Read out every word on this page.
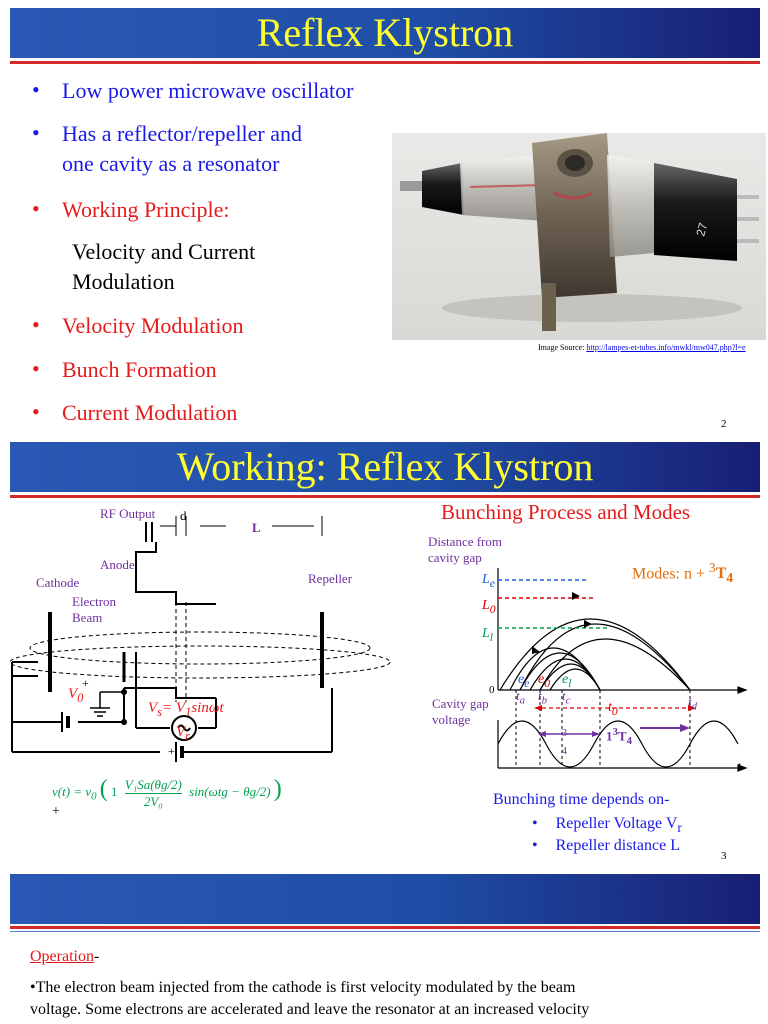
Reflex Klystron
• Low power microwave oscillator
• Has a reflector/repeller and
one cavity as a resonator
• Working Principle:
Velocity and Current
Modulation
• Velocity Modulation
• Bunch Formation
• Current Modulation
27
Image Source: http://lampes-et-tubes.info/mwkl/mw047.php?l=e
2
Working: Reflex Klystron
RF Output d
L
Anode
Cathode	Repeller
Electron
Beam
$V_0$
+
$V_s= V_1\sin\omega t$
$V_r$
+
$v(t) = v_0$ ( $1 \frac{\text{V₁Sa(θg/2)}}{\text{2V₀}} \sin(\omega tg - \theta g/2)$ )
+
Bunching Process and Modes
Distance from
cavity gap
Modes: $n + ^3T_4$
Cavity gap
voltage
0	t
t
$L_e$
$L_0$
$L_l$
$e_e$ $e_0$ $e_l$
$t_a$ $t_b$ $t_c$	$t_d$
$t_0$
3
4
$1^3T_4$
Bunching time depends on-
• Repeller Voltage $V_r$
• Repeller distance L
3
Operation-
•The electron beam injected from the cathode is first velocity modulated by the beam
voltage. Some electrons are accelerated and leave the resonator at an increased velocity
